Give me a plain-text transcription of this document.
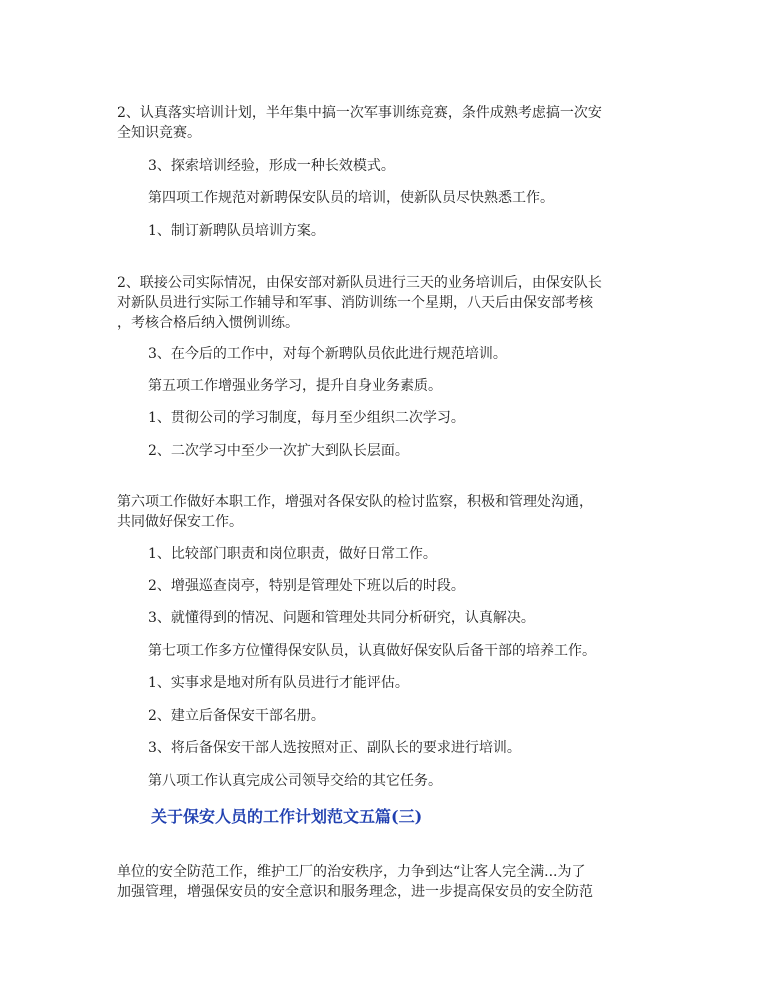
2、认真落实培训计划，半年集中搞一次军事训练竞赛，条件成熟考虑搞一次安
全知识竞赛。

3、探索培训经验，形成一种长效模式。

第四项工作规范对新聘保安队员的培训，使新队员尽快熟悉工作。

1、制订新聘队员培训方案。

2、联接公司实际情况，由保安部对新队员进行三天的业务培训后，由保安队长
对新队员进行实际工作辅导和军事、消防训练一个星期，八天后由保安部考核
，考核合格后纳入惯例训练。

3、在今后的工作中，对每个新聘队员依此进行规范培训。

第五项工作增强业务学习，提升自身业务素质。

1、贯彻公司的学习制度，每月至少组织二次学习。

2、二次学习中至少一次扩大到队长层面。

第六项工作做好本职工作，增强对各保安队的检讨监察，积极和管理处沟通，
共同做好保安工作。

1、比较部门职责和岗位职责，做好日常工作。

2、增强巡查岗亭，特别是管理处下班以后的时段。

3、就懂得到的情况、问题和管理处共同分析研究，认真解决。

第七项工作多方位懂得保安队员，认真做好保安队后备干部的培养工作。

1、实事求是地对所有队员进行才能评估。

2、建立后备保安干部名册。

3、将后备保安干部人选按照对正、副队长的要求进行培训。

第八项工作认真完成公司领导交给的其它任务。

关于保安人员的工作计划范文五篇(三)

单位的安全防范工作，维护工厂的治安秩序，力争到达“让客人完全满...为了
加强管理，增强保安员的安全意识和服务理念，进一步提高保安员的安全防范
